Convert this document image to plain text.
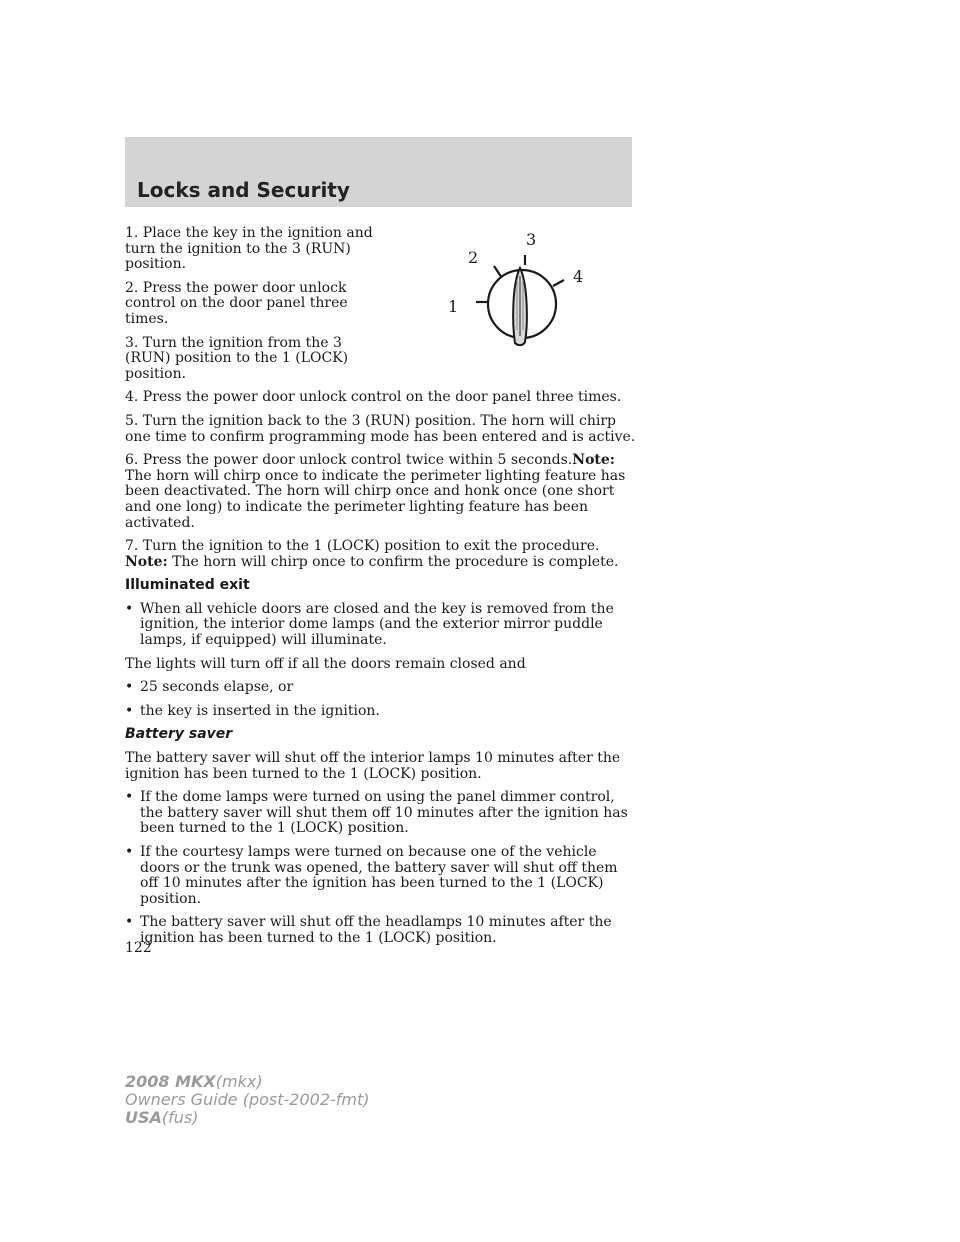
Locks and Security
1
2
3
4

1. Place the key in the ignition and turn the ignition to the 3 (RUN) position.

2. Press the power door unlock control on the door panel three times.

3. Turn the ignition from the 3 (RUN) position to the 1 (LOCK) position.

4. Press the power door unlock control on the door panel three times.

5. Turn the ignition back to the 3 (RUN) position. The horn will chirp one time to confirm programming mode has been entered and is active.

6. Press the power door unlock control twice within 5 seconds.Note: The horn will chirp once to indicate the perimeter lighting feature has been deactivated. The horn will chirp once and honk once (one short and one long) to indicate the perimeter lighting feature has been activated.

7. Turn the ignition to the 1 (LOCK) position to exit the procedure.
Note: The horn will chirp once to confirm the procedure is complete.

Illuminated exit
• When all vehicle doors are closed and the key is removed from the ignition, the interior dome lamps (and the exterior mirror puddle lamps, if equipped) will illuminate.

The lights will turn off if all the doors remain closed and

• 25 seconds elapse, or
• the key is inserted in the ignition.
Battery saver

The battery saver will shut off the interior lamps 10 minutes after the ignition has been turned to the 1 (LOCK) position.

• If the dome lamps were turned on using the panel dimmer control, the battery saver will shut them off 10 minutes after the ignition has been turned to the 1 (LOCK) position.
• If the courtesy lamps were turned on because one of the vehicle doors or the trunk was opened, the battery saver will shut off them off 10 minutes after the ignition has been turned to the 1 (LOCK) position.
• The battery saver will shut off the headlamps 10 minutes after the ignition has been turned to the 1 (LOCK) position.
122
2008 MKX(mkx)
Owners Guide (post-2002-fmt)
USA(fus)
